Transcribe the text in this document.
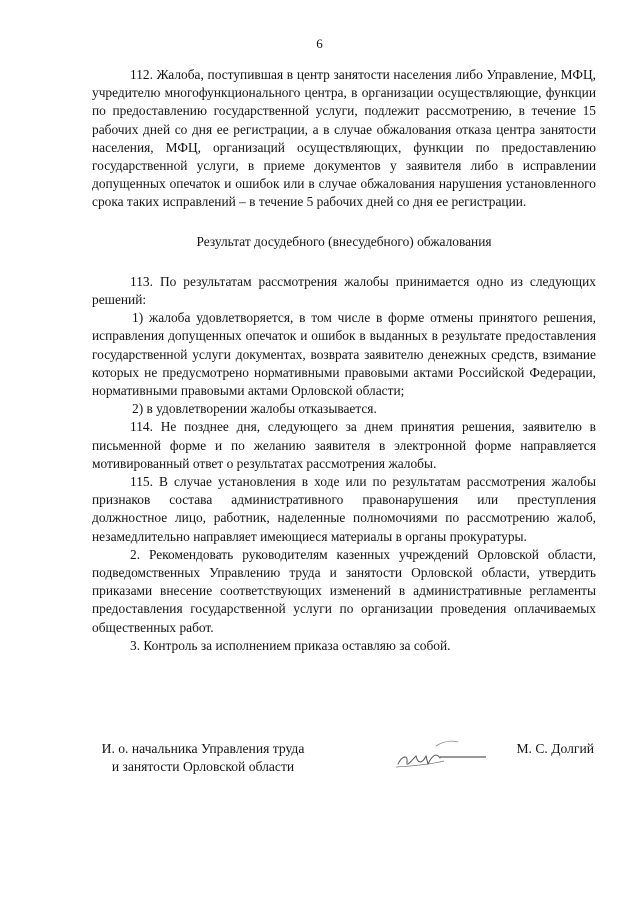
6

112. Жалоба, поступившая в центр занятости населения либо Управление, МФЦ, учредителю многофункционального центра, в организации осуществляющие, функции по предоставлению государственной услуги, подлежит рассмотрению, в течение 15 рабочих дней со дня ее регистрации, а в случае обжалования отказа центра занятости населения, МФЦ, организаций осуществляющих, функции по предоставлению государственной услуги, в приеме документов у заявителя либо в исправлении допущенных опечаток и ошибок или в случае обжалования нарушения установленного срока таких исправлений – в течение 5 рабочих дней со дня ее регистрации.

Результат досудебного (внесудебного) обжалования

113. По результатам рассмотрения жалобы принимается одно из следующих решений:

1) жалоба удовлетворяется, в том числе в форме отмены принятого решения, исправления допущенных опечаток и ошибок в выданных в результате предоставления государственной услуги документах, возврата заявителю денежных средств, взимание которых не предусмотрено нормативными правовыми актами Российской Федерации, нормативными правовыми актами Орловской области;

2) в удовлетворении жалобы отказывается.

114. Не позднее дня, следующего за днем принятия решения, заявителю в письменной форме и по желанию заявителя в электронной форме направляется мотивированный ответ о результатах рассмотрения жалобы.

115. В случае установления в ходе или по результатам рассмотрения жалобы признаков состава административного правонарушения или преступления должностное лицо, работник, наделенные полномочиями по рассмотрению жалоб, незамедлительно направляет имеющиеся материалы в органы прокуратуры.

2. Рекомендовать руководителям казенных учреждений Орловской области, подведомственных Управлению труда и занятости Орловской области, утвердить приказами внесение соответствующих изменений в административные регламенты предоставления государственной услуги по организации проведения оплачиваемых общественных работ.

3. Контроль за исполнением приказа оставляю за собой.

И. о. начальника Управления труда
и занятости Орловской области
М. С. Долгий
